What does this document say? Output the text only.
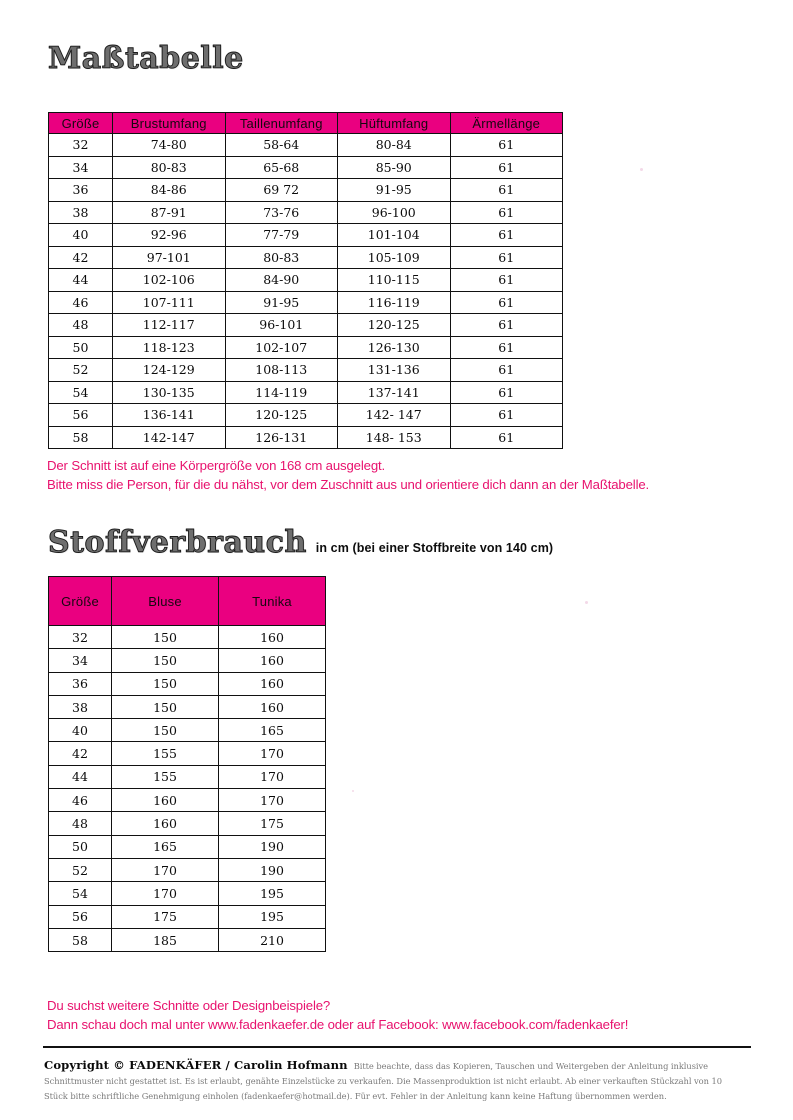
Maßtabelle
Größe	Brustumfang	Taillenumfang	Hüftumfang	Ärmellänge
32	74-80	58-64	80-84	61
34	80-83	65-68	85-90	61
36	84-86	69 72	91-95	61
38	87-91	73-76	96-100	61
40	92-96	77-79	101-104	61
42	97-101	80-83	105-109	61
44	102-106	84-90	110-115	61
46	107-111	91-95	116-119	61
48	112-117	96-101	120-125	61
50	118-123	102-107	126-130	61
52	124-129	108-113	131-136	61
54	130-135	114-119	137-141	61
56	136-141	120-125	142- 147	61
58	142-147	126-131	148- 153	61
Der Schnitt ist auf eine Körpergröße von 168 cm ausgelegt.
Bitte miss die Person, für die du nähst, vor dem Zuschnitt aus und orientiere dich dann an der Maßtabelle.
Stoffverbrauch in cm (bei einer Stoffbreite von 140 cm)
Größe	Bluse	Tunika
32	150	160
34	150	160
36	150	160
38	150	160
40	150	165
42	155	170
44	155	170
46	160	170
48	160	175
50	165	190
52	170	190
54	170	195
56	175	195
58	185	210
Du suchst weitere Schnitte oder Designbeispiele?
Dann schau doch mal unter www.fadenkaefer.de oder auf Facebook: www.facebook.com/fadenkaefer!
Copyright © FADENKÄFER / Carolin Hofmann Bitte beachte, dass das Kopieren, Tauschen und Weitergeben der Anleitung inklusive
Schnittmuster nicht gestattet ist. Es ist erlaubt, genähte Einzelstücke zu verkaufen. Die Massenproduktion ist nicht erlaubt. Ab einer verkauften Stückzahl von 10
Stück bitte schriftliche Genehmigung einholen (fadenkaefer@hotmail.de). Für evt. Fehler in der Anleitung kann keine Haftung übernommen werden.
